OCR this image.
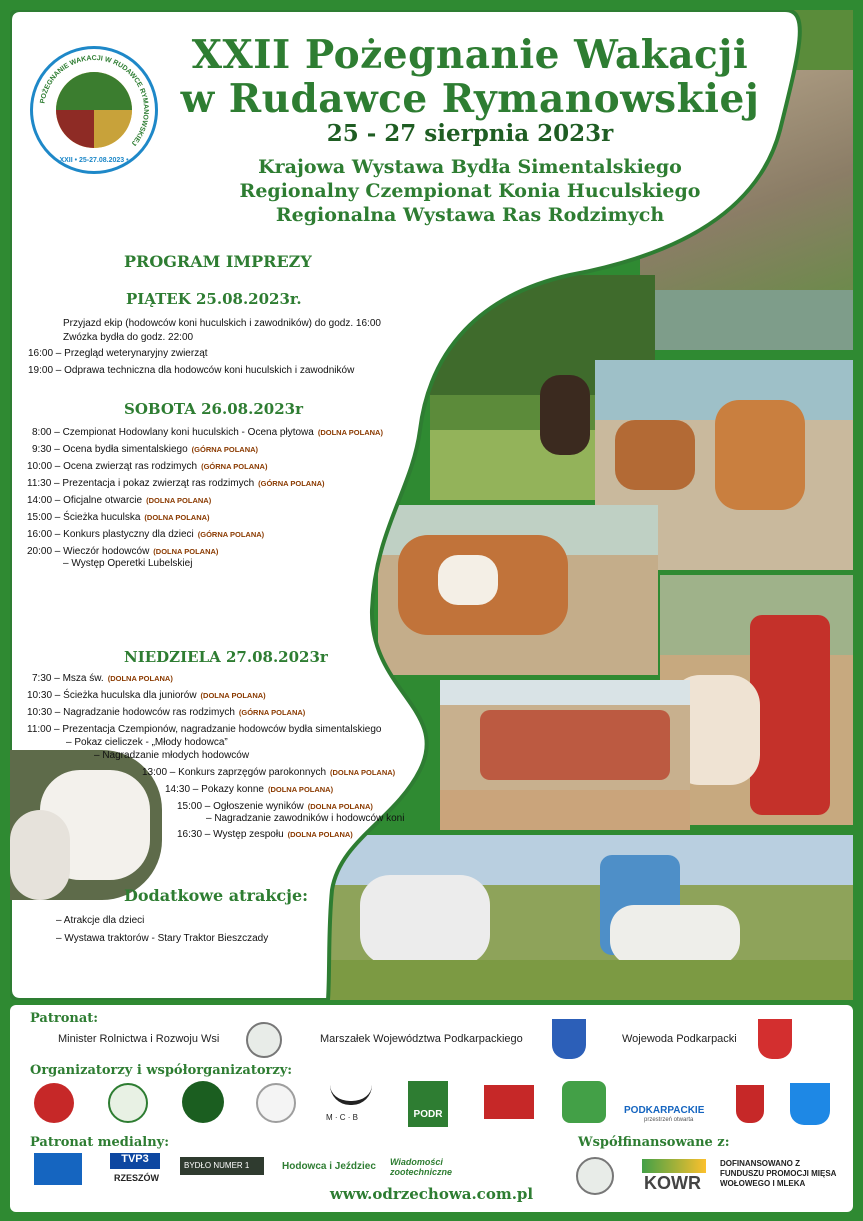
POŻEGNANIE WAKACJI W RUDAWCE RYMANOWSKIEJ
XXII • 25-27.08.2023 •
XXII Pożegnanie Wakacji
w Rudawce Rymanowskiej
25 - 27 sierpnia 2023r
Krajowa Wystawa Bydła Simentalskiego
Regionalny Czempionat Konia Huculskiego
Regionalna Wystawa Ras Rodzimych
PROGRAM IMPREZY
PIĄTEK 25.08.2023r.
Przyjazd ekip (hodowców koni huculskich i zawodników) do godz. 16:00
Zwózka bydła do godz. 22:00
16:00 – Przegląd weterynaryjny zwierząt
19:00 – Odprawa techniczna dla hodowców koni huculskich i zawodników
SOBOTA 26.08.2023r
8:00 – Czempionat Hodowlany koni huculskich - Ocena płytowa (DOLNA POLANA)
9:30 – Ocena bydła simentalskiego (GÓRNA POLANA)
10:00 – Ocena zwierząt ras rodzimych (GÓRNA POLANA)
11:30 – Prezentacja i pokaz zwierząt ras rodzimych (GÓRNA POLANA)
14:00 – Oficjalne otwarcie (DOLNA POLANA)
15:00 – Ścieżka huculska (DOLNA POLANA)
16:00 – Konkurs plastyczny dla dzieci (GÓRNA POLANA)
20:00 – Wieczór hodowców (DOLNA POLANA)
– Występ Operetki Lubelskiej
NIEDZIELA 27.08.2023r
7:30 – Msza św. (DOLNA POLANA)
10:30 – Ścieżka huculska dla juniorów (DOLNA POLANA)
10:30 – Nagradzanie hodowców ras rodzimych (GÓRNA POLANA)
11:00 – Prezentacja Czempionów, nagradzanie hodowców bydła simentalskiego
– Pokaz cieliczek - „Młody hodowca”
– Nagradzanie młodych hodowców
13:00 – Konkurs zaprzęgów parokonnych (DOLNA POLANA)
14:30 – Pokazy konne (DOLNA POLANA)
15:00 – Ogłoszenie wyników (DOLNA POLANA)
– Nagradzanie zawodników i hodowców koni
16:30 – Występ zespołu (DOLNA POLANA)
Dodatkowe atrakcje:
– Atrakcje dla dzieci
– Wystawa traktorów - Stary Traktor Bieszczady
Patronat:
Minister Rolnictwa i Rozwoju Wsi	Marszałek Województwa Podkarpackiego	Wojewoda Podkarpacki
Organizatorzy i współorganizatorzy:
M · C · B	PODR	PODKARPACKIE
przestrzeń otwarta
Patronat medialny:
TVP3
RZESZÓW
BYDŁO NUMER 1	Hodowca i Jeździec Wiadomości zootechniczne
Współfinansowane z:
KOWR
DOFINANSOWANO Z FUNDUSZU PROMOCJI MIĘSA WOŁOWEGO I MLEKA
www.odrzechowa.com.pl
